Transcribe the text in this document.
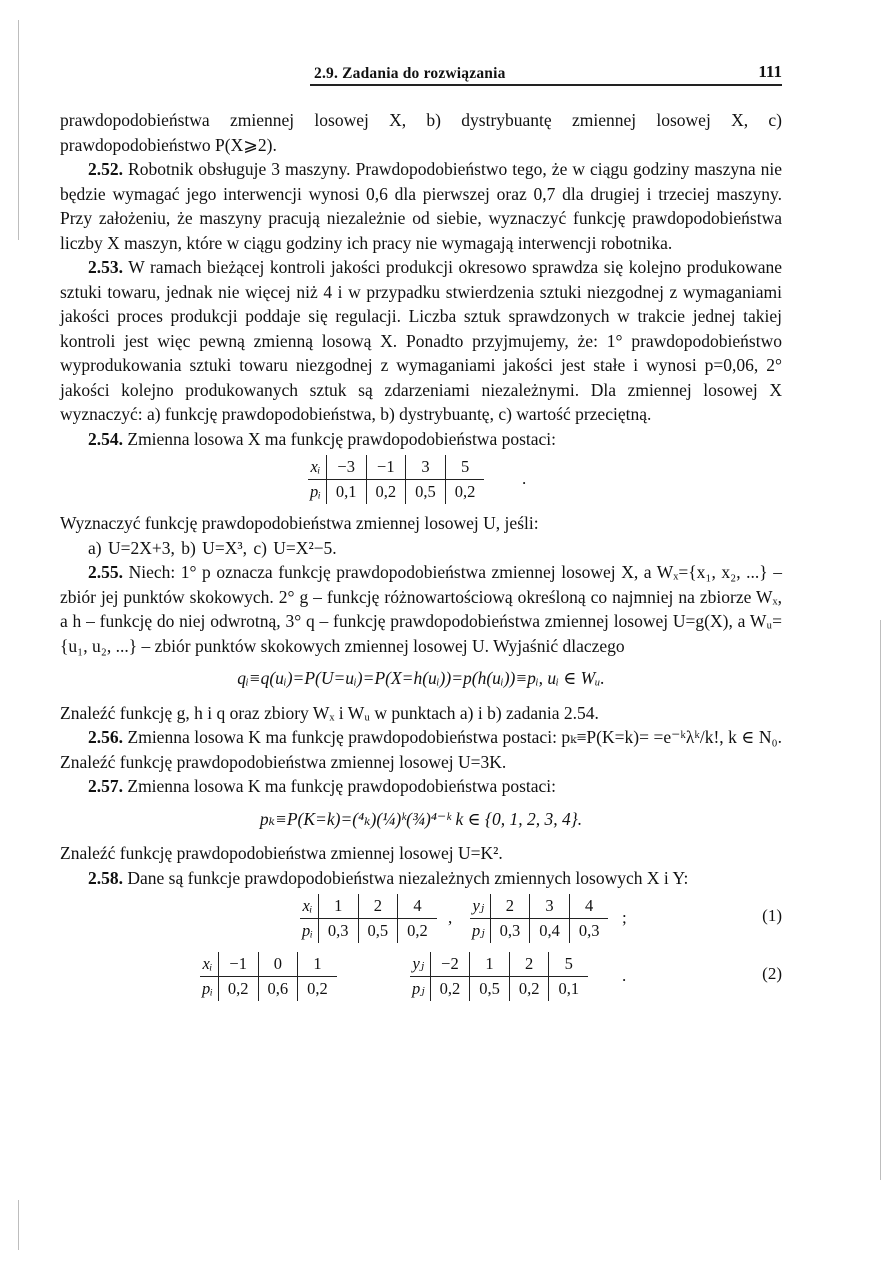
2.9. Zadania do rozwiązania	111

prawdopodobieństwa zmiennej losowej X, b) dystrybuantę zmiennej losowej X, c) prawdopodobieństwo P(X⩾2).

2.52. Robotnik obsługuje 3 maszyny. Prawdopodobieństwo tego, że w ciągu godziny maszyna nie będzie wymagać jego interwencji wynosi 0,6 dla pierwszej oraz 0,7 dla drugiej i trzeciej maszyny. Przy założeniu, że maszyny pracują niezależnie od siebie, wyznaczyć funkcję prawdopodobieństwa liczby X maszyn, które w ciągu godziny ich pracy nie wymagają interwencji robotnika.

2.53. W ramach bieżącej kontroli jakości produkcji okresowo sprawdza się kolejno produkowane sztuki towaru, jednak nie więcej niż 4 i w przypadku stwierdzenia sztuki niezgodnej z wymaganiami jakości proces produkcji poddaje się regulacji. Liczba sztuk sprawdzonych w trakcie jednej takiej kontroli jest więc pewną zmienną losową X. Ponadto przyjmujemy, że: 1° prawdopodobieństwo wyprodukowania sztuki towaru niezgodnej z wymaganiami jakości jest stałe i wynosi p=0,06, 2° jakości kolejno produkowanych sztuk są zdarzeniami niezależnymi. Dla zmiennej losowej X wyznaczyć: a) funkcję prawdopodobieństwa, b) dystrybuantę, c) wartość przeciętną.

2.54. Zmienna losowa X ma funkcję prawdopodobieństwa postaci:

xᵢ	−3	−1	3	5
pᵢ	0,1	0,2	0,5	0,2
.

Wyznaczyć funkcję prawdopodobieństwa zmiennej losowej U, jeśli:

a) U=2X+3, b) U=X³, c) U=X²−5.

2.55. Niech: 1° p oznacza funkcję prawdopodobieństwa zmiennej losowej X, a Wₓ={x₁, x₂, ...} – zbiór jej punktów skokowych. 2° g – funkcję różnowartościową określoną co najmniej na zbiorze Wₓ, a h – funkcję do niej odwrotną, 3° q – funkcję prawdopodobieństwa zmiennej losowej U=g(X), a Wᵤ={u₁, u₂, ...} – zbiór punktów skokowych zmiennej losowej U. Wyjaśnić dlaczego

qᵢ≡q(uᵢ)=P(U=uᵢ)=P(X=h(uᵢ))=p(h(uᵢ))≡pᵢ, uᵢ ∈ Wᵤ.

Znaleźć funkcję g, h i q oraz zbiory Wₓ i Wᵤ w punktach a) i b) zadania 2.54.

2.56. Zmienna losowa K ma funkcję prawdopodobieństwa postaci: pₖ≡P(K=k)= =e⁻ᵏλᵏ/k!, k ∈ N₀. Znaleźć funkcję prawdopodobieństwa zmiennej losowej U=3K.

2.57. Zmienna losowa K ma funkcję prawdopodobieństwa postaci:

pₖ≡P(K=k)=(⁴ₖ)(¼)ᵏ(¾)⁴⁻ᵏ k ∈ {0, 1, 2, 3, 4}.

Znaleźć funkcję prawdopodobieństwa zmiennej losowej U=K².

2.58. Dane są funkcje prawdopodobieństwa niezależnych zmiennych losowych X i Y:

xᵢ	1	2	4
pᵢ	0,3	0,5	0,2
,
yⱼ	2	3	4
pⱼ	0,3	0,4	0,3
;	(1)
xᵢ	−1	0	1
pᵢ	0,2	0,6	0,2
yⱼ	−2	1	2	5
pⱼ	0,2	0,5	0,2	0,1
.	(2)
